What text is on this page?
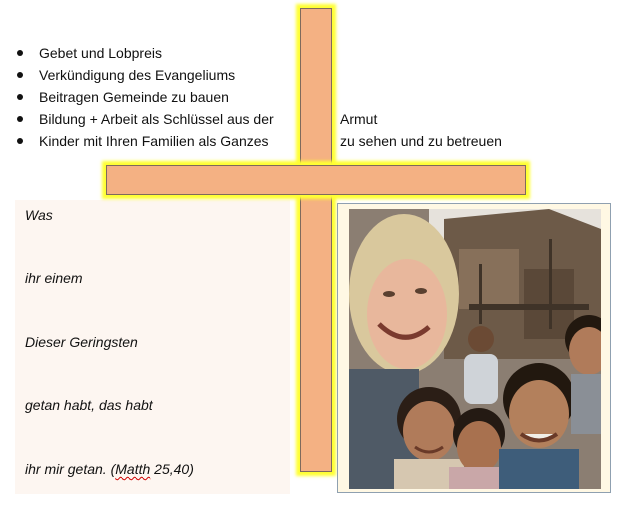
Gebet und Lobpreis
Verkündigung des Evangeliums
Beitragen Gemeinde zu bauen
Bildung + Arbeit als Schlüssel aus der	Armut
Kinder mit Ihren Familien als Ganzes	zu sehen und zu betreuen
Was
ihr einem
Dieser Geringsten
getan habt, das habt
ihr mir getan. (Matth 25,40)
